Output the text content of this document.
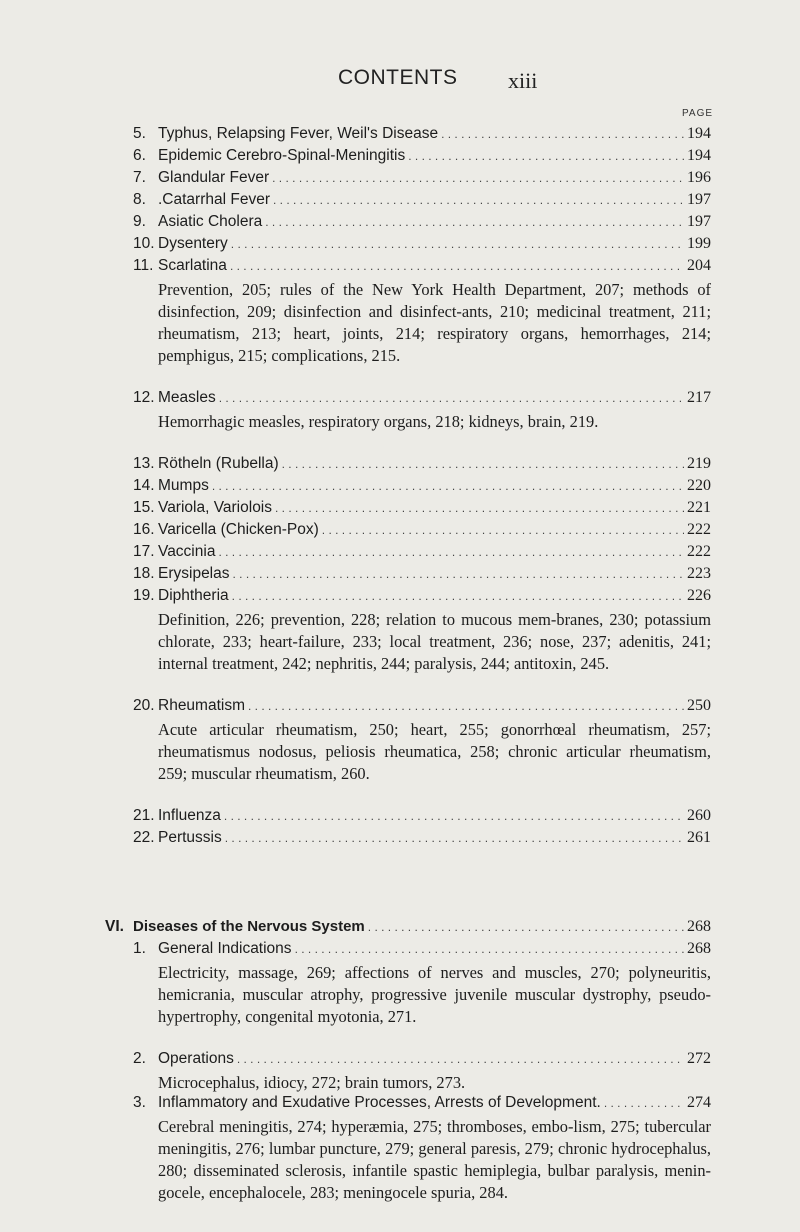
CONTENTS xiii
PAGE
5. Typhus, Relapsing Fever, Weil's Disease . . .	194
6. Epidemic Cerebro-Spinal-Meningitis . . .	194
7. Glandular Fever . . .	196
8. .Catarrhal Fever . . .	197
9. Asiatic Cholera . . .	197
10. Dysentery . . .	199
11. Scarlatina . . .	204

Prevention, 205; rules of the New York Health Department, 207; methods of disinfection, 209; disinfection and disinfect-ants, 210; medicinal treatment, 211; rheumatism, 213; heart, joints, 214; respiratory organs, hemorrhages, 214; pemphigus, 215; complications, 215.

12. Measles . . .	217

Hemorrhagic measles, respiratory organs, 218; kidneys, brain, 219.

13. Rötheln (Rubella) . . .	219
14. Mumps . . .	220
15. Variola, Variolois . . .	221
16. Varicella (Chicken-Pox) . . .	222
17. Vaccinia . . .	222
18. Erysipelas . . .	223
19. Diphtheria . . .	226

Definition, 226; prevention, 228; relation to mucous mem-branes, 230; potassium chlorate, 233; heart-failure, 233; local treatment, 236; nose, 237; adenitis, 241; internal treatment, 242; nephritis, 244; paralysis, 244; antitoxin, 245.

20. Rheumatism . . .	250

Acute articular rheumatism, 250; heart, 255; gonorrhœal rheumatism, 257; rheumatismus nodosus, peliosis rheumatica, 258; chronic articular rheumatism, 259; muscular rheumatism, 260.

21. Influenza . . .	260
22. Pertussis . . .	261
VI. Diseases of the Nervous System . . .	268
1. General Indications . . .	268

Electricity, massage, 269; affections of nerves and muscles, 270; polyneuritis, hemicrania, muscular atrophy, progressive juvenile muscular dystrophy, pseudo-hypertrophy, congenital myotonia, 271.

2. Operations . . .	272

Microcephalus, idiocy, 272; brain tumors, 273.

3. Inflammatory and Exudative Processes, Arrests of Development. . . .	274

Cerebral meningitis, 274; hyperæmia, 275; thromboses, embo-lism, 275; tubercular meningitis, 276; lumbar puncture, 279; general paresis, 279; chronic hydrocephalus, 280; disseminated sclerosis, infantile spastic hemiplegia, bulbar paralysis, menin-gocele, encephalocele, 283; meningocele spuria, 284.
